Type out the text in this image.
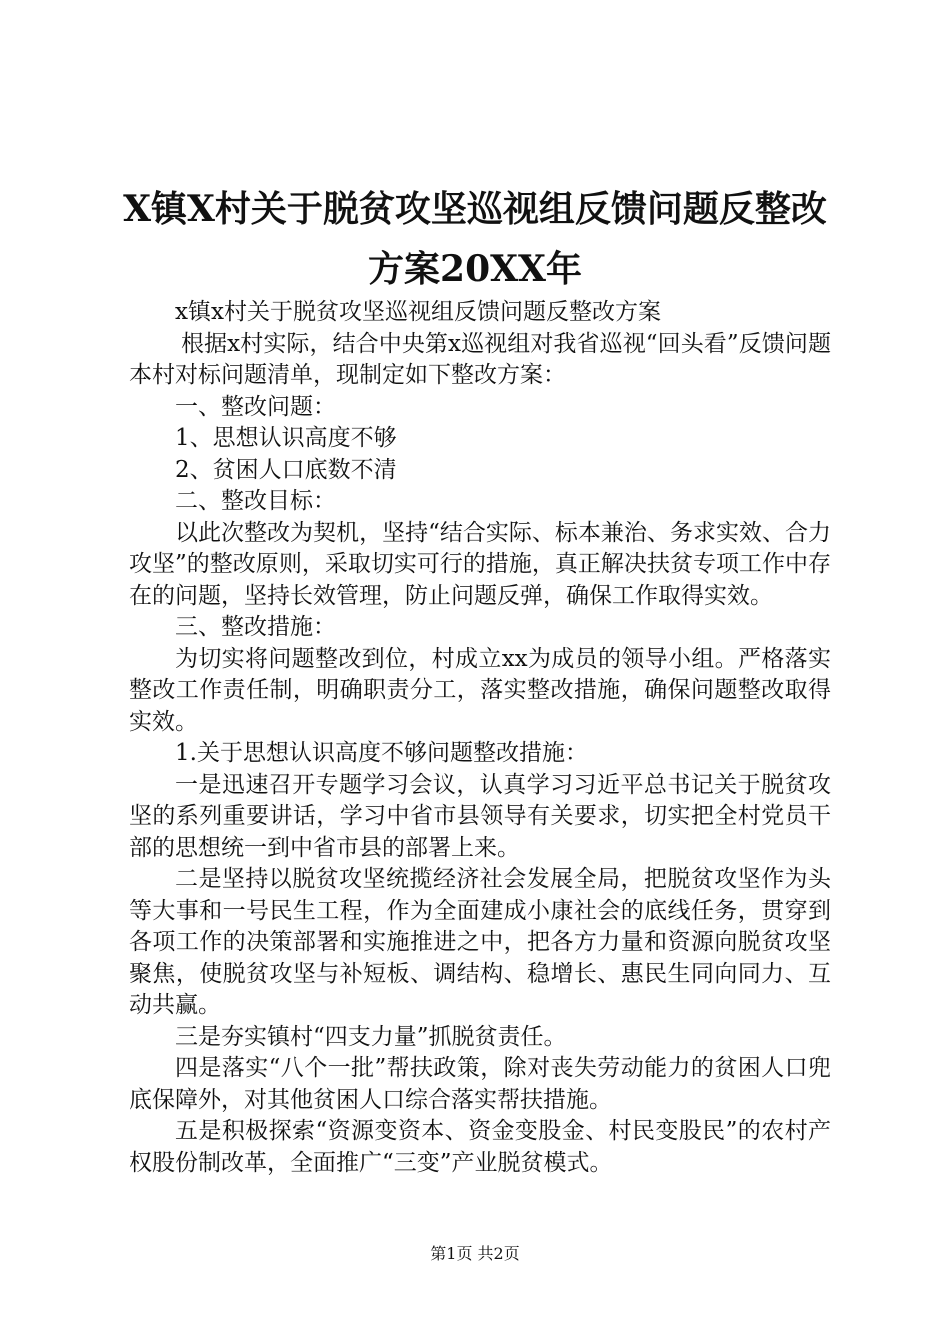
X镇X村关于脱贫攻坚巡视组反馈问题反整改
方案20XX年

x镇x村关于脱贫攻坚巡视组反馈问题反整改方案

根据x村实际，结合中央第x巡视组对我省巡视“回头看”反馈问题本村对标问题清单，现制定如下整改方案：

一、整改问题：

1、思想认识高度不够

2、贫困人口底数不清

二、整改目标：

以此次整改为契机，坚持“结合实际、标本兼治、务求实效、合力攻坚”的整改原则，采取切实可行的措施，真正解决扶贫专项工作中存在的问题，坚持长效管理，防止问题反弹，确保工作取得实效。

三、整改措施：

为切实将问题整改到位，村成立xx为成员的领导小组。严格落实整改工作责任制，明确职责分工，落实整改措施，确保问题整改取得实效。

1.关于思想认识高度不够问题整改措施：

一是迅速召开专题学习会议，认真学习习近平总书记关于脱贫攻坚的系列重要讲话，学习中省市县领导有关要求，切实把全村党员干部的思想统一到中省市县的部署上来。

二是坚持以脱贫攻坚统揽经济社会发展全局，把脱贫攻坚作为头等大事和一号民生工程，作为全面建成小康社会的底线任务，贯穿到各项工作的决策部署和实施推进之中，把各方力量和资源向脱贫攻坚聚焦，使脱贫攻坚与补短板、调结构、稳增长、惠民生同向同力、互动共赢。

三是夯实镇村“四支力量”抓脱贫责任。

四是落实“八个一批”帮扶政策，除对丧失劳动能力的贫困人口兜底保障外，对其他贫困人口综合落实帮扶措施。

五是积极探索“资源变资本、资金变股金、村民变股民”的农村产权股份制改革，全面推广“三变”产业脱贫模式。

第1页 共2页
